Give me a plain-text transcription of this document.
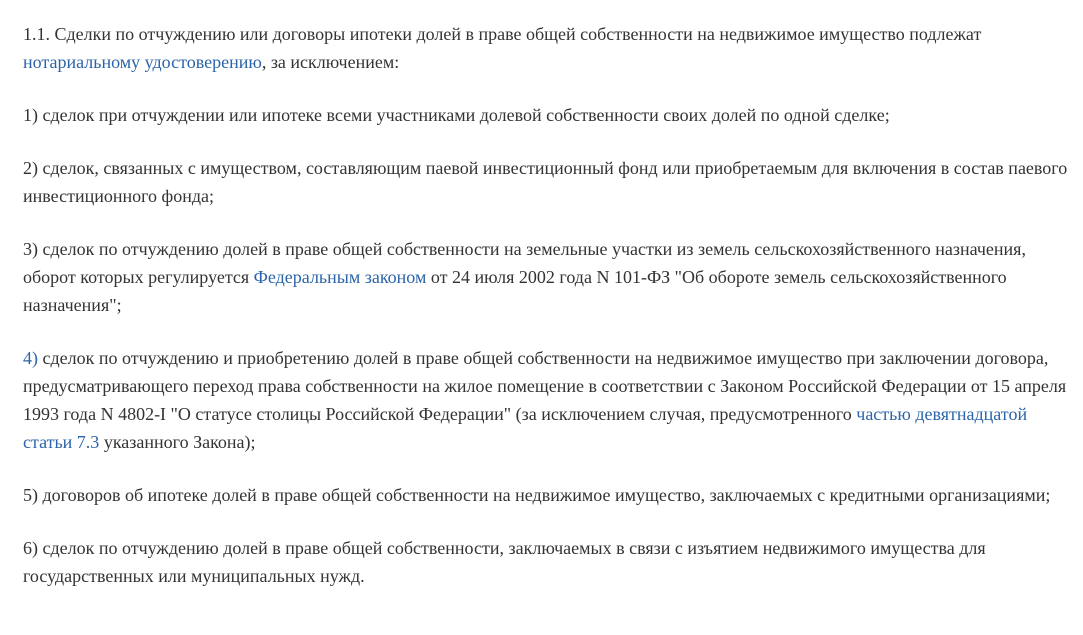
1.1. Сделки по отчуждению или договоры ипотеки долей в праве общей собственности на недвижимое имущество подлежат нотариальному удостоверению, за исключением:

1) сделок при отчуждении или ипотеке всеми участниками долевой собственности своих долей по одной сделке;

2) сделок, связанных с имуществом, составляющим паевой инвестиционный фонд или приобретаемым для включения в состав паевого инвестиционного фонда;

3) сделок по отчуждению долей в праве общей собственности на земельные участки из земель сельскохозяйственного назначения, оборот которых регулируется Федеральным законом от 24 июля 2002 года N 101-ФЗ "Об обороте земель сельскохозяйственного назначения";

4) сделок по отчуждению и приобретению долей в праве общей собственности на недвижимое имущество при заключении договора, предусматривающего переход права собственности на жилое помещение в соответствии с Законом Российской Федерации от 15 апреля 1993 года N 4802-I "О статусе столицы Российской Федерации" (за исключением случая, предусмотренного частью девятнадцатой статьи 7.3 указанного Закона);

5) договоров об ипотеке долей в праве общей собственности на недвижимое имущество, заключаемых с кредитными организациями;

6) сделок по отчуждению долей в праве общей собственности, заключаемых в связи с изъятием недвижимого имущества для государственных или муниципальных нужд.
